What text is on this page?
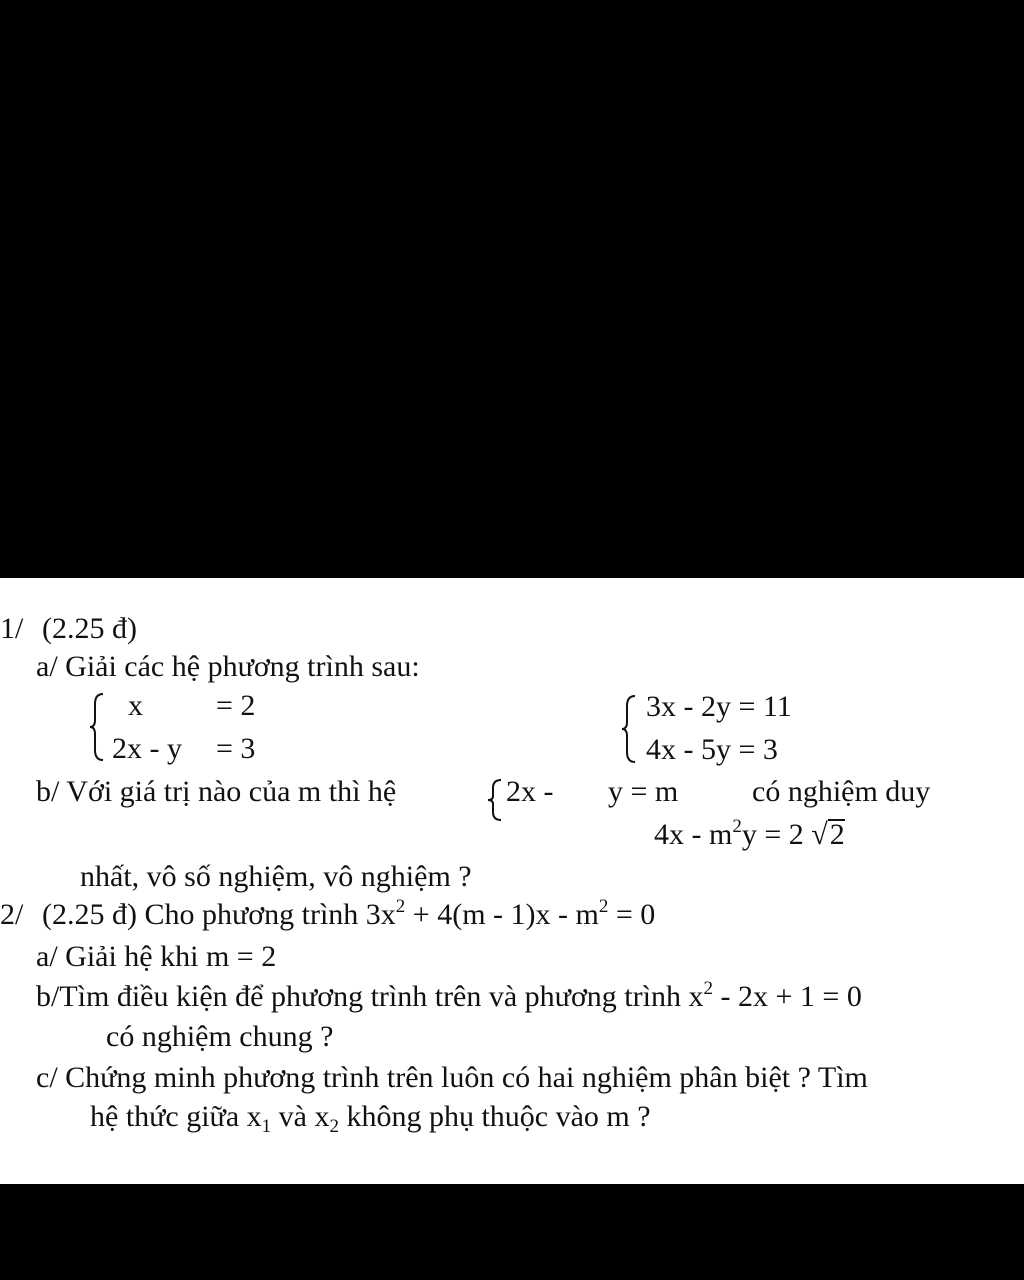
1/ (2.25 đ)
a/ Giải các hệ phương trình sau:
x = 2
2x - y = 3
3x - 2y = 11
4x - 5y = 3
b/ Với giá trị nào của m thì hệ	2x - y = m có nghiệm duy
$4x - m^2y = 2$ √2
nhất, vô số nghiệm, vô nghiệm ?
2/ (2.25 đ) Cho phương trình $3x^2 + 4(m - 1)x - m^2 = 0$
a/ Giải hệ khi m = 2
b/Tìm điều kiện để phương trình trên và phương trình $x^2 - 2x + 1 = 0$
có nghiệm chung ?
c/ Chứng minh phương trình trên luôn có hai nghiệm phân biệt ? Tìm
hệ thức giữa $x_1$ và $x_2$ không phụ thuộc vào m ?
